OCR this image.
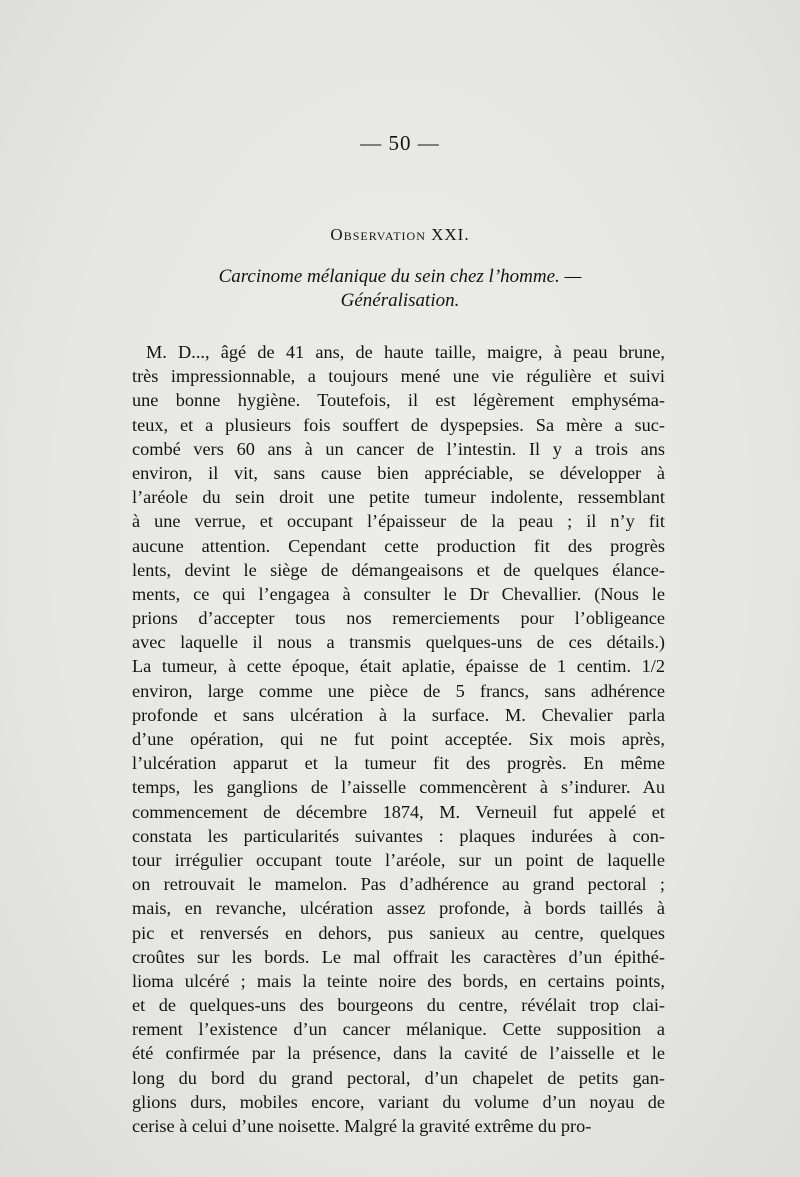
— 50 —
Observation XXI.
Carcinome mélanique du sein chez l’homme. —
Généralisation.
M. D..., âgé de 41 ans, de haute taille, maigre, à peau brune,
très impressionnable, a toujours mené une vie régulière et suivi
une bonne hygiène. Toutefois, il est légèrement emphyséma-
teux, et a plusieurs fois souffert de dyspepsies. Sa mère a suc-
combé vers 60 ans à un cancer de l’intestin. Il y a trois ans
environ, il vit, sans cause bien appréciable, se développer à
l’aréole du sein droit une petite tumeur indolente, ressemblant
à une verrue, et occupant l’épaisseur de la peau ; il n’y fit
aucune attention. Cependant cette production fit des progrès
lents, devint le siège de démangeaisons et de quelques élance-
ments, ce qui l’engagea à consulter le Dr Chevallier. (Nous le
prions d’accepter tous nos remerciements pour l’obligeance
avec laquelle il nous a transmis quelques-uns de ces détails.)
La tumeur, à cette époque, était aplatie, épaisse de 1 centim. 1/2
environ, large comme une pièce de 5 francs, sans adhérence
profonde et sans ulcération à la surface. M. Chevalier parla
d’une opération, qui ne fut point acceptée. Six mois après,
l’ulcération apparut et la tumeur fit des progrès. En même
temps, les ganglions de l’aisselle commencèrent à s’indurer. Au
commencement de décembre 1874, M. Verneuil fut appelé et
constata les particularités suivantes : plaques indurées à con-
tour irrégulier occupant toute l’aréole, sur un point de laquelle
on retrouvait le mamelon. Pas d’adhérence au grand pectoral ;
mais, en revanche, ulcération assez profonde, à bords taillés à
pic et renversés en dehors, pus sanieux au centre, quelques
croûtes sur les bords. Le mal offrait les caractères d’un épithé-
lioma ulcéré ; mais la teinte noire des bords, en certains points,
et de quelques-uns des bourgeons du centre, révélait trop clai-
rement l’existence d’un cancer mélanique. Cette supposition a
été confirmée par la présence, dans la cavité de l’aisselle et le
long du bord du grand pectoral, d’un chapelet de petits gan-
glions durs, mobiles encore, variant du volume d’un noyau de
cerise à celui d’une noisette. Malgré la gravité extrême du pro-
